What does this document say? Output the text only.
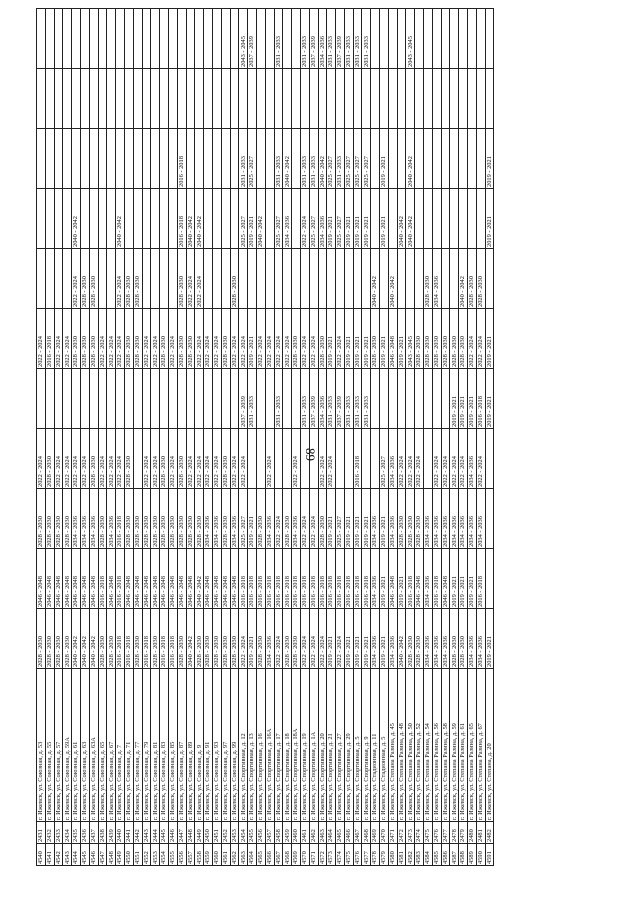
89
4540	2431	г. Ижевск, ул. Союзная, д. 53	2028 - 2030	2046 - 2048	2028 - 2030	2022 - 2024		2022 - 2024					
4541	2432	г. Ижевск, ул. Союзная, д. 55	2028 - 2030	2046 - 2048	2028 - 2030	2028 - 2030		2016 - 2018					
4542	2433	г. Ижевск, ул. Союзная, д. 57	2028 - 2030	2046 - 2048	2028 - 2030	2022 - 2024		2022 - 2024					
4543	2434	г. Ижевск, ул. Союзная, д. 59А	2028 - 2030	2046 - 2048	2028 - 2030	2022 - 2024		2022 - 2024					
4544	2435	г. Ижевск, ул. Союзная, д. 61	2040 - 2042	2046 - 2048	2034 - 2036	2022 - 2024		2028 - 2030	2022 - 2024	2040 - 2042			
4545	2436	г. Ижевск, ул. Союзная, д. 63	2040 - 2042	2046 - 2048	2034 - 2036	2022 - 2024		2028 - 2030	2028 - 2030				
4546	2437	г. Ижевск, ул. Союзная, д. 63А	2040 - 2042	2046 - 2048	2034 - 2036	2028 - 2030		2028 - 2030	2028 - 2030				
4547	2438	г. Ижевск, ул. Союзная, д. 65	2028 - 2030	2016 - 2018	2028 - 2030	2022 - 2024		2022 - 2024					
4548	2439	г. Ижевск, ул. Союзная, д. 67	2028 - 2030	2046 - 2048	2034 - 2036	2022 - 2024		2022 - 2024					
4549	2440	г. Ижевск, ул. Союзная, д. 7	2016 - 2018	2016 - 2018	2016 - 2018	2022 - 2024		2022 - 2024	2022 - 2024	2040 - 2042			
4550	2441	г. Ижевск, ул. Союзная, д. 71	2016 - 2018	2046 - 2048	2028 - 2030	2028 - 2030		2028 - 2030	2028 - 2030				
4551	2442	г. Ижевск, ул. Союзная, д. 77	2028 - 2030	2046 - 2048	2028 - 2030			2028 - 2030	2028 - 2030				
4552	2443	г. Ижевск, ул. Союзная, д. 79	2016 - 2018	2046 - 2048	2028 - 2030	2022 - 2024		2022 - 2024					
4553	2444	г. Ижевск, ул. Союзная, д. 81	2028 - 2030	2046 - 2048	2028 - 2030	2022 - 2024		2022 - 2024					
4554	2445	г. Ижевск, ул. Союзная, д. 83	2016 - 2018	2046 - 2048	2028 - 2030	2028 - 2030		2028 - 2030					
4555	2446	г. Ижевск, ул. Союзная, д. 85	2016 - 2018	2046 - 2048	2028 - 2030	2022 - 2024		2022 - 2024					
4556	2447	г. Ижевск, ул. Союзная, д. 87	2028 - 2030	2046 - 2048	2028 - 2030	2028 - 2030		2028 - 2030	2028 - 2030	2016 - 2018	2016 - 2018		
4557	2448	г. Ижевск, ул. Союзная, д. 89	2040 - 2042	2046 - 2048	2028 - 2030	2022 - 2024		2028 - 2030	2022 - 2024	2040 - 2042			
4558	2449	г. Ижевск, ул. Союзная, д. 9	2028 - 2030	2040 - 2042	2028 - 2030	2022 - 2024		2022 - 2024	2022 - 2024	2040 - 2042			
4559	2450	г. Ижевск, ул. Союзная, д. 91	2028 - 2030	2046 - 2048	2034 - 2036	2022 - 2024		2022 - 2024					
4560	2451	г. Ижевск, ул. Союзная, д. 93	2028 - 2030	2046 - 2048	2034 - 2036	2022 - 2024		2022 - 2024					
4561	2452	г. Ижевск, ул. Союзная, д. 97	2028 - 2030	2046 - 2048	2028 - 2030	2028 - 2030		2028 - 2030					
4562	2453	г. Ижевск, ул. Союзная, д. 99	2028 - 2030	2046 - 2048	2034 - 2036	2022 - 2024		2022 - 2024	2028 - 2030				
4563	2454	г. Ижевск, ул. Спортивная, д. 12	2022 - 2024	2016 - 2018	2025 - 2027	2022 - 2024	2037 - 2039	2022 - 2024		2025 - 2027	2031 - 2033		2043 - 2045
4564	2455	г. Ижевск, ул. Спортивная, д. 13	2019 - 2021	2016 - 2018	2019 - 2021		2031 - 2033	2019 - 2021		2019 - 2021	2025 - 2027		2037 - 2039
4565	2456	г. Ижевск, ул. Спортивная, д. 16	2028 - 2030	2016 - 2018	2028 - 2030			2022 - 2024		2040 - 2042			
4566	2457	г. Ижевск, ул. Спортивная, д. 16А	2034 - 2036	2016 - 2018	2034 - 2036	2022 - 2024		2022 - 2024					
4567	2458	г. Ижевск, ул. Спортивная, д. 17	2022 - 2024	2016 - 2018	2022 - 2024		2031 - 2033	2022 - 2024		2025 - 2027	2031 - 2033		2031 - 2033
4568	2459	г. Ижевск, ул. Спортивная, д. 18	2028 - 2030	2016 - 2018	2028 - 2030			2022 - 2024		2034 - 2036	2040 - 2042		
4569	2460	г. Ижевск, ул. Спортивная, д. 18А	2028 - 2030	2016 - 2018	2034 - 2036	2022 - 2024		2028 - 2030					
4570	2461	г. Ижевск, ул. Спортивная, д. 19	2022 - 2024	2016 - 2018	2022 - 2024		2031 - 2033	2022 - 2024		2022 - 2024	2031 - 2033		2031 - 2033
4571	2462	г. Ижевск, ул. Спортивная, д. 1А	2022 - 2024	2016 - 2018	2022 - 2024		2037 - 2039	2022 - 2024		2025 - 2027	2031 - 2033		2037 - 2039
4572	2463	г. Ижевск, ул. Спортивная, д. 20	2022 - 2024	2016 - 2018	2028 - 2030	2022 - 2024	2034 - 2036	2028 - 2030		2034 - 2036	2040 - 2042		2034 - 2036
4573	2464	г. Ижевск, ул. Спортивная, д. 21	2019 - 2021	2016 - 2018	2019 - 2021	2022 - 2024	2031 - 2033	2019 - 2021		2019 - 2021	2025 - 2027		2031 - 2033
4574	2465	г. Ижевск, ул. Спортивная, д. 27	2022 - 2024	2016 - 2018	2025 - 2027		2037 - 2039	2022 - 2024		2025 - 2027	2031 - 2033		2037 - 2039
4575	2466	г. Ижевск, ул. Спортивная, д. 29	2019 - 2021	2016 - 2018	2019 - 2021		2031 - 2033	2019 - 2021		2019 - 2021	2025 - 2027		2031 - 2033
4576	2467	г. Ижевск, ул. Спортивная, д. 5	2019 - 2021	2016 - 2018	2019 - 2021	2016 - 2018	2031 - 2033	2019 - 2021		2019 - 2021	2025 - 2027		2031 - 2033
4577	2468	г. Ижевск, ул. Спортивная, д. 9	2019 - 2021	2016 - 2018	2019 - 2021		2031 - 2033	2019 - 2021		2019 - 2021	2025 - 2027		2031 - 2033
4578	2469	г. Ижевск, ул. Стадионная, д. 11	2034 - 2036	2034 - 2036	2034 - 2036			2028 - 2030	2040 - 2042				
4579	2470	г. Ижевск, ул. Стадионная, д. 5	2019 - 2021	2019 - 2021	2019 - 2021	2025 - 2027		2019 - 2021		2019 - 2021	2019 - 2021		
4580	2471	г. Ижевск, ул. Степана Разина, д. 45	2034 - 2036	2046 - 2048	2034 - 2036	2034 - 2036		2046 - 2048	2040 - 2042				
4581	2472	г. Ижевск, ул. Степана Разина, д. 48	2040 - 2042	2019 - 2021	2028 - 2030	2022 - 2024		2019 - 2021		2040 - 2042			
4582	2473	г. Ижевск, ул. Степана Разина, д. 50	2028 - 2030	2016 - 2018	2028 - 2030	2022 - 2024		2043 - 2045		2040 - 2042	2040 - 2042		2043 - 2045
4583	2474	г. Ижевск, ул. Степана Разина, д. 52	2028 - 2030	2046 - 2048	2028 - 2030	2022 - 2024		2028 - 2030					
4584	2475	г. Ижевск, ул. Степана Разина, д. 54	2034 - 2036	2034 - 2036	2034 - 2036			2028 - 2030	2028 - 2030				
4585	2476	г. Ижевск, ул. Степана Разина, д. 56	2034 - 2036	2016 - 2018	2034 - 2036	2022 - 2024		2028 - 2030	2034 - 2036				
4586	2477	г. Ижевск, ул. Степана Разина, д. 58	2034 - 2036	2046 - 2048	2034 - 2036	2022 - 2024		2028 - 2030					
4587	2478	г. Ижевск, ул. Степана Разина, д. 59	2028 - 2030	2019 - 2021	2034 - 2036	2022 - 2024	2019 - 2021	2028 - 2030					
4588	2479	г. Ижевск, ул. Степана Разина, д. 61	2028 - 2030	2019 - 2021	2034 - 2036	2022 - 2024	2019 - 2021	2028 - 2030	2040 - 2042				
4589	2480	г. Ижевск, ул. Степана Разина, д. 65	2034 - 2036	2019 - 2021	2034 - 2036	2034 - 2036	2019 - 2021	2022 - 2024	2028 - 2030				
4590	2481	г. Ижевск, ул. Степана Разина, д. 67	2034 - 2036	2016 - 2018	2034 - 2036	2022 - 2024	2016 - 2018	2022 - 2024	2028 - 2030				
4591	2482	г. Ижевск, ул. Степана, д. 20	2019 - 2021				2019 - 2021	2019 - 2021		2019 - 2021	2019 - 2021		
